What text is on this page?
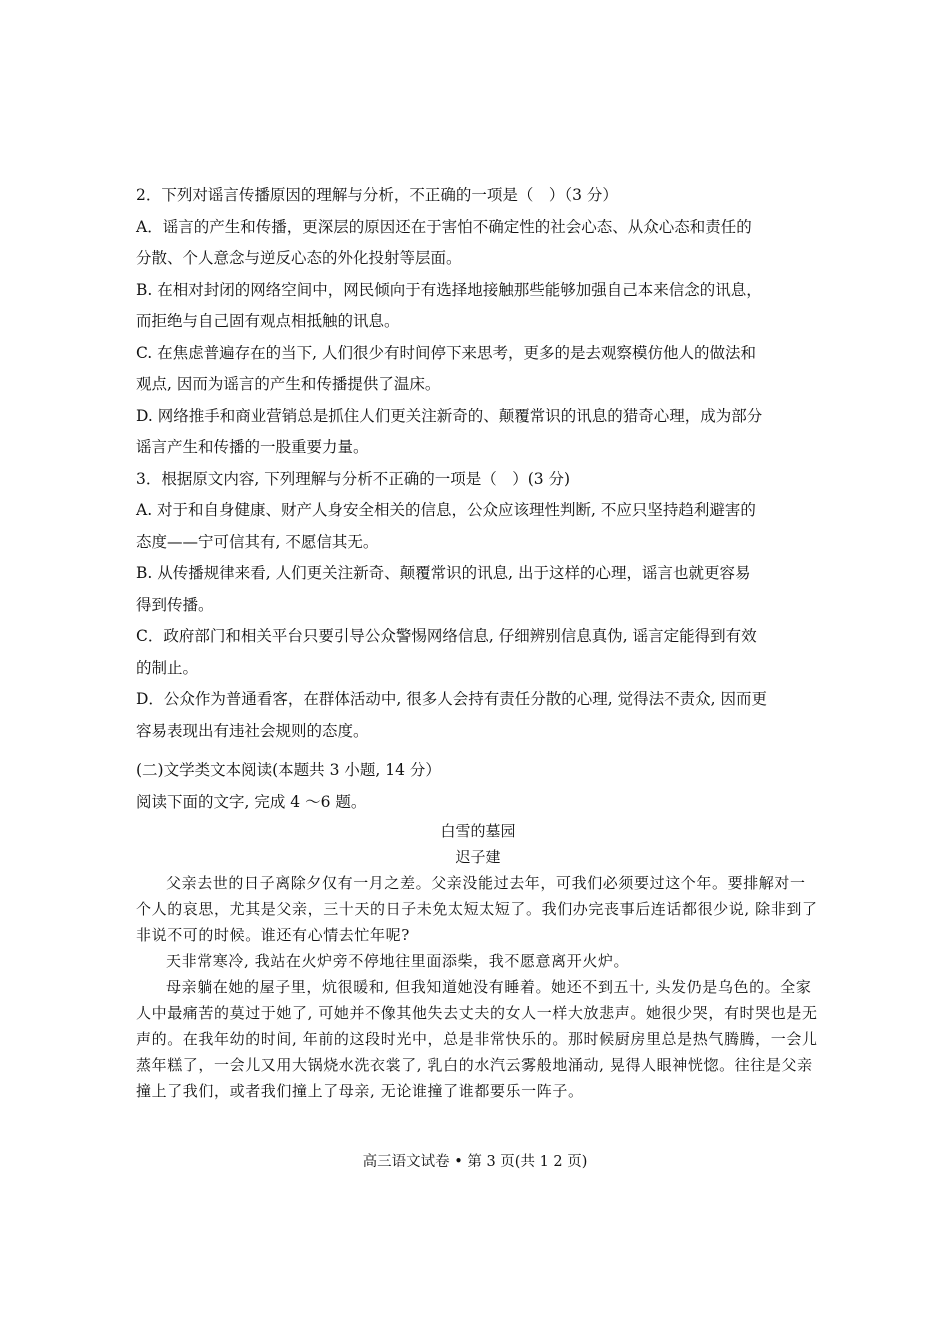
2．下列对谣言传播原因的理解与分析，不正确的一项是（　）（3 分）

A．谣言的产生和传播，更深层的原因还在于害怕不确定性的社会心态、从众心态和责任的

分散、个人意念与逆反心态的外化投射等层面。

B. 在相对封闭的网络空间中，网民倾向于有选择地接触那些能够加强自己本来信念的讯息，

而拒绝与自己固有观点相抵触的讯息。

C. 在焦虑普遍存在的当下, 人们很少有时间停下来思考，更多的是去观察模仿他人的做法和

观点, 因而为谣言的产生和传播提供了温床。

D. 网络推手和商业营销总是抓住人们更关注新奇的、颠覆常识的讯息的猎奇心理，成为部分

谣言产生和传播的一股重要力量。

3．根据原文内容, 下列理解与分析不正确的一项是（　）(3 分)

A. 对于和自身健康、财产人身安全相关的信息，公众应该理性判断, 不应只坚持趋利避害的

态度——宁可信其有, 不愿信其无。

B. 从传播规律来看, 人们更关注新奇、颠覆常识的讯息, 出于这样的心理，谣言也就更容易

得到传播。

C．政府部门和相关平台只要引导公众警惕网络信息, 仔细辨别信息真伪, 谣言定能得到有效

的制止。

D．公众作为普通看客，在群体活动中, 很多人会持有责任分散的心理, 觉得法不责众, 因而更

容易表现出有违社会规则的态度。

(二)文学类文本阅读(本题共 3 小题, 14 分）
阅读下面的文字, 完成 4 ～6 题。
白雪的墓园
迟子建

父亲去世的日子离除夕仅有一月之差。父亲没能过去年，可我们必须要过这个年。要排解对一个人的哀思，尤其是父亲，三十天的日子未免太短太短了。我们办完丧事后连话都很少说, 除非到了非说不可的时候。谁还有心情去忙年呢?

天非常寒冷, 我站在火炉旁不停地往里面添柴，我不愿意离开火炉。

母亲躺在她的屋子里，炕很暖和, 但我知道她没有睡着。她还不到五十, 头发仍是乌色的。全家人中最痛苦的莫过于她了, 可她并不像其他失去丈夫的女人一样大放悲声。她很少哭，有时哭也是无声的。在我年幼的时间, 年前的这段时光中，总是非常快乐的。那时候厨房里总是热气腾腾，一会儿蒸年糕了，一会儿又用大锅烧水洗衣裳了, 乳白的水汽云雾般地涌动, 晃得人眼神恍惚。往往是父亲撞上了我们，或者我们撞上了母亲, 无论谁撞了谁都要乐一阵子。

高三语文试卷 • 第 3 页(共 1 2 页)
